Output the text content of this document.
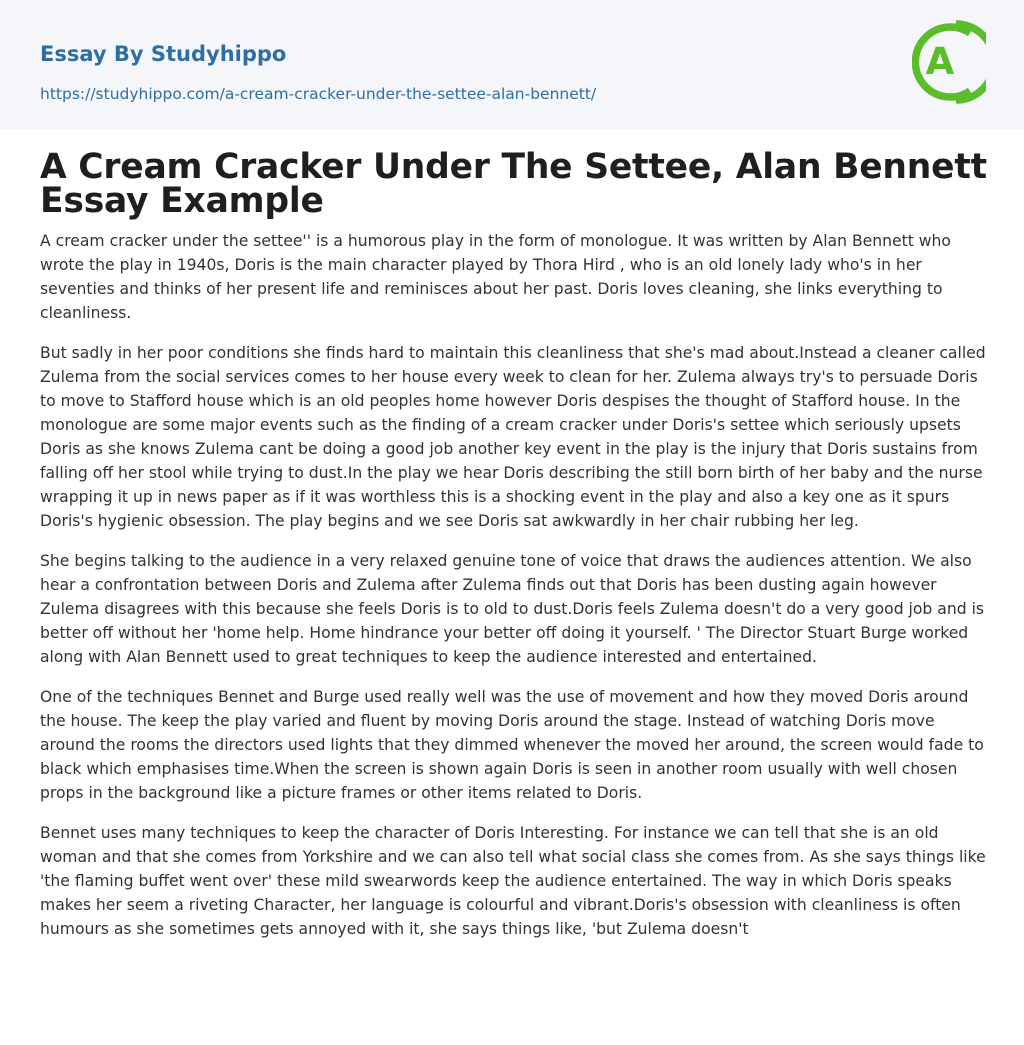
Essay By Studyhippo
https://studyhippo.com/a-cream-cracker-under-the-settee-alan-bennett/
A
A Cream Cracker Under The Settee, Alan Bennett Essay Example

A cream cracker under the settee'' is a humorous play in the form of monologue. It was written by Alan Bennett who wrote the play in 1940s, Doris is the main character played by Thora Hird , who is an old lonely lady who's in her seventies and thinks of her present life and reminisces about her past. Doris loves cleaning, she links everything to cleanliness.

But sadly in her poor conditions she finds hard to maintain this cleanliness that she's mad about.Instead a cleaner called Zulema from the social services comes to her house every week to clean for her. Zulema always try's to persuade Doris to move to Stafford house which is an old peoples home however Doris despises the thought of Stafford house. In the monologue are some major events such as the finding of a cream cracker under Doris's settee which seriously upsets Doris as she knows Zulema cant be doing a good job another key event in the play is the injury that Doris sustains from falling off her stool while trying to dust.In the play we hear Doris describing the still born birth of her baby and the nurse wrapping it up in news paper as if it was worthless this is a shocking event in the play and also a key one as it spurs Doris's hygienic obsession. The play begins and we see Doris sat awkwardly in her chair rubbing her leg.

She begins talking to the audience in a very relaxed genuine tone of voice that draws the audiences attention. We also hear a confrontation between Doris and Zulema after Zulema finds out that Doris has been dusting again however Zulema disagrees with this because she feels Doris is to old to dust.Doris feels Zulema doesn't do a very good job and is better off without her 'home help. Home hindrance your better off doing it yourself. ' The Director Stuart Burge worked along with Alan Bennett used to great techniques to keep the audience interested and entertained.

One of the techniques Bennet and Burge used really well was the use of movement and how they moved Doris around the house. The keep the play varied and fluent by moving Doris around the stage. Instead of watching Doris move around the rooms the directors used lights that they dimmed whenever the moved her around, the screen would fade to black which emphasises time.When the screen is shown again Doris is seen in another room usually with well chosen props in the background like a picture frames or other items related to Doris.

Bennet uses many techniques to keep the character of Doris Interesting. For instance we can tell that she is an old woman and that she comes from Yorkshire and we can also tell what social class she comes from. As she says things like 'the flaming buffet went over' these mild swearwords keep the audience entertained. The way in which Doris speaks makes her seem a riveting Character, her language is colourful and vibrant.Doris's obsession with cleanliness is often humours as she sometimes gets annoyed with it, she says things like, 'but Zulema doesn't
